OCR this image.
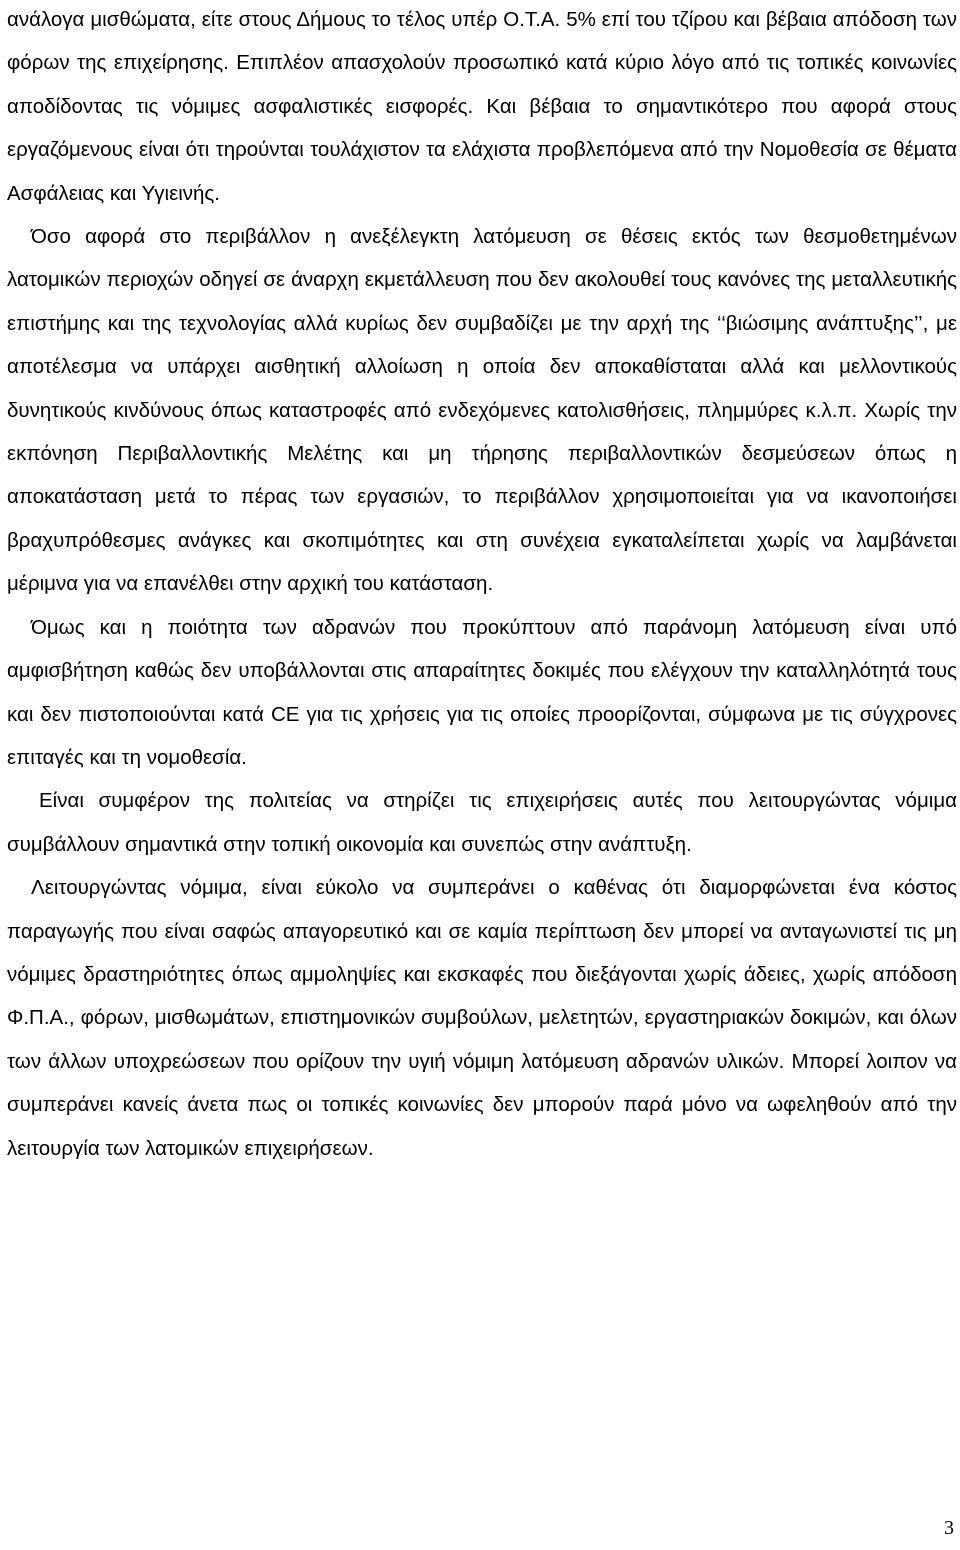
ανάλογα μισθώματα, είτε στους Δήμους το τέλος υπέρ Ο.Τ.Α. 5% επί του τζίρου και βέβαια απόδοση των φόρων της επιχείρησης. Επιπλέον απασχολούν προσωπικό κατά κύριο λόγο από τις τοπικές κοινωνίες αποδίδοντας τις νόμιμες ασφαλιστικές εισφορές. Και βέβαια το σημαντικότερο που αφορά στους εργαζόμενους είναι ότι τηρούνται τουλάχιστον τα ελάχιστα προβλεπόμενα από την Νομοθεσία σε θέματα Ασφάλειας και Υγιεινής.

Όσο αφορά στο περιβάλλον η ανεξέλεγκτη λατόμευση σε θέσεις εκτός των θεσμοθετημένων λατομικών περιοχών οδηγεί σε άναρχη εκμετάλλευση που δεν ακολουθεί τους κανόνες της μεταλλευτικής επιστήμης και της τεχνολογίας αλλά κυρίως δεν συμβαδίζει με την αρχή της ‘‘βιώσιμης ανάπτυξης’’, με αποτέλεσμα να υπάρχει αισθητική αλλοίωση η οποία δεν αποκαθίσταται αλλά και μελλοντικούς δυνητικούς κινδύνους όπως καταστροφές από ενδεχόμενες κατολισθήσεις, πλημμύρες κ.λ.π. Χωρίς την εκπόνηση Περιβαλλοντικής Μελέτης και μη τήρησης περιβαλλοντικών δεσμεύσεων όπως η αποκατάσταση μετά το πέρας των εργασιών, το περιβάλλον χρησιμοποιείται για να ικανοποιήσει βραχυπρόθεσμες ανάγκες και σκοπιμότητες και στη συνέχεια εγκαταλείπεται χωρίς να λαμβάνεται μέριμνα για να επανέλθει στην αρχική του κατάσταση.

Όμως και η ποιότητα των αδρανών που προκύπτουν από παράνομη λατόμευση είναι υπό αμφισβήτηση καθώς δεν υποβάλλονται στις απαραίτητες δοκιμές που ελέγχουν την καταλληλότητά τους και δεν πιστοποιούνται κατά CE για τις χρήσεις για τις οποίες προορίζονται, σύμφωνα με τις σύγχρονες επιταγές και τη νομοθεσία.

Είναι συμφέρον της πολιτείας να στηρίζει τις επιχειρήσεις αυτές που λειτουργώντας νόμιμα συμβάλλουν σημαντικά στην τοπική οικονομία και συνεπώς στην ανάπτυξη.

Λειτουργώντας νόμιμα, είναι εύκολο να συμπεράνει ο καθένας ότι διαμορφώνεται ένα κόστος παραγωγής που είναι σαφώς απαγορευτικό και σε καμία περίπτωση δεν μπορεί να ανταγωνιστεί τις μη νόμιμες δραστηριότητες όπως αμμοληψίες και εκσκαφές που διεξάγονται χωρίς άδειες, χωρίς απόδοση Φ.Π.Α., φόρων, μισθωμάτων, επιστημονικών συμβούλων, μελετητών, εργαστηριακών δοκιμών, και όλων των άλλων υποχρεώσεων που ορίζουν την υγιή νόμιμη λατόμευση αδρανών υλικών. Μπορεί λοιπον να συμπεράνει κανείς άνετα πως οι τοπικές κοινωνίες δεν μπορούν παρά μόνο να ωφεληθούν από την λειτουργία των λατομικών επιχειρήσεων.

3
